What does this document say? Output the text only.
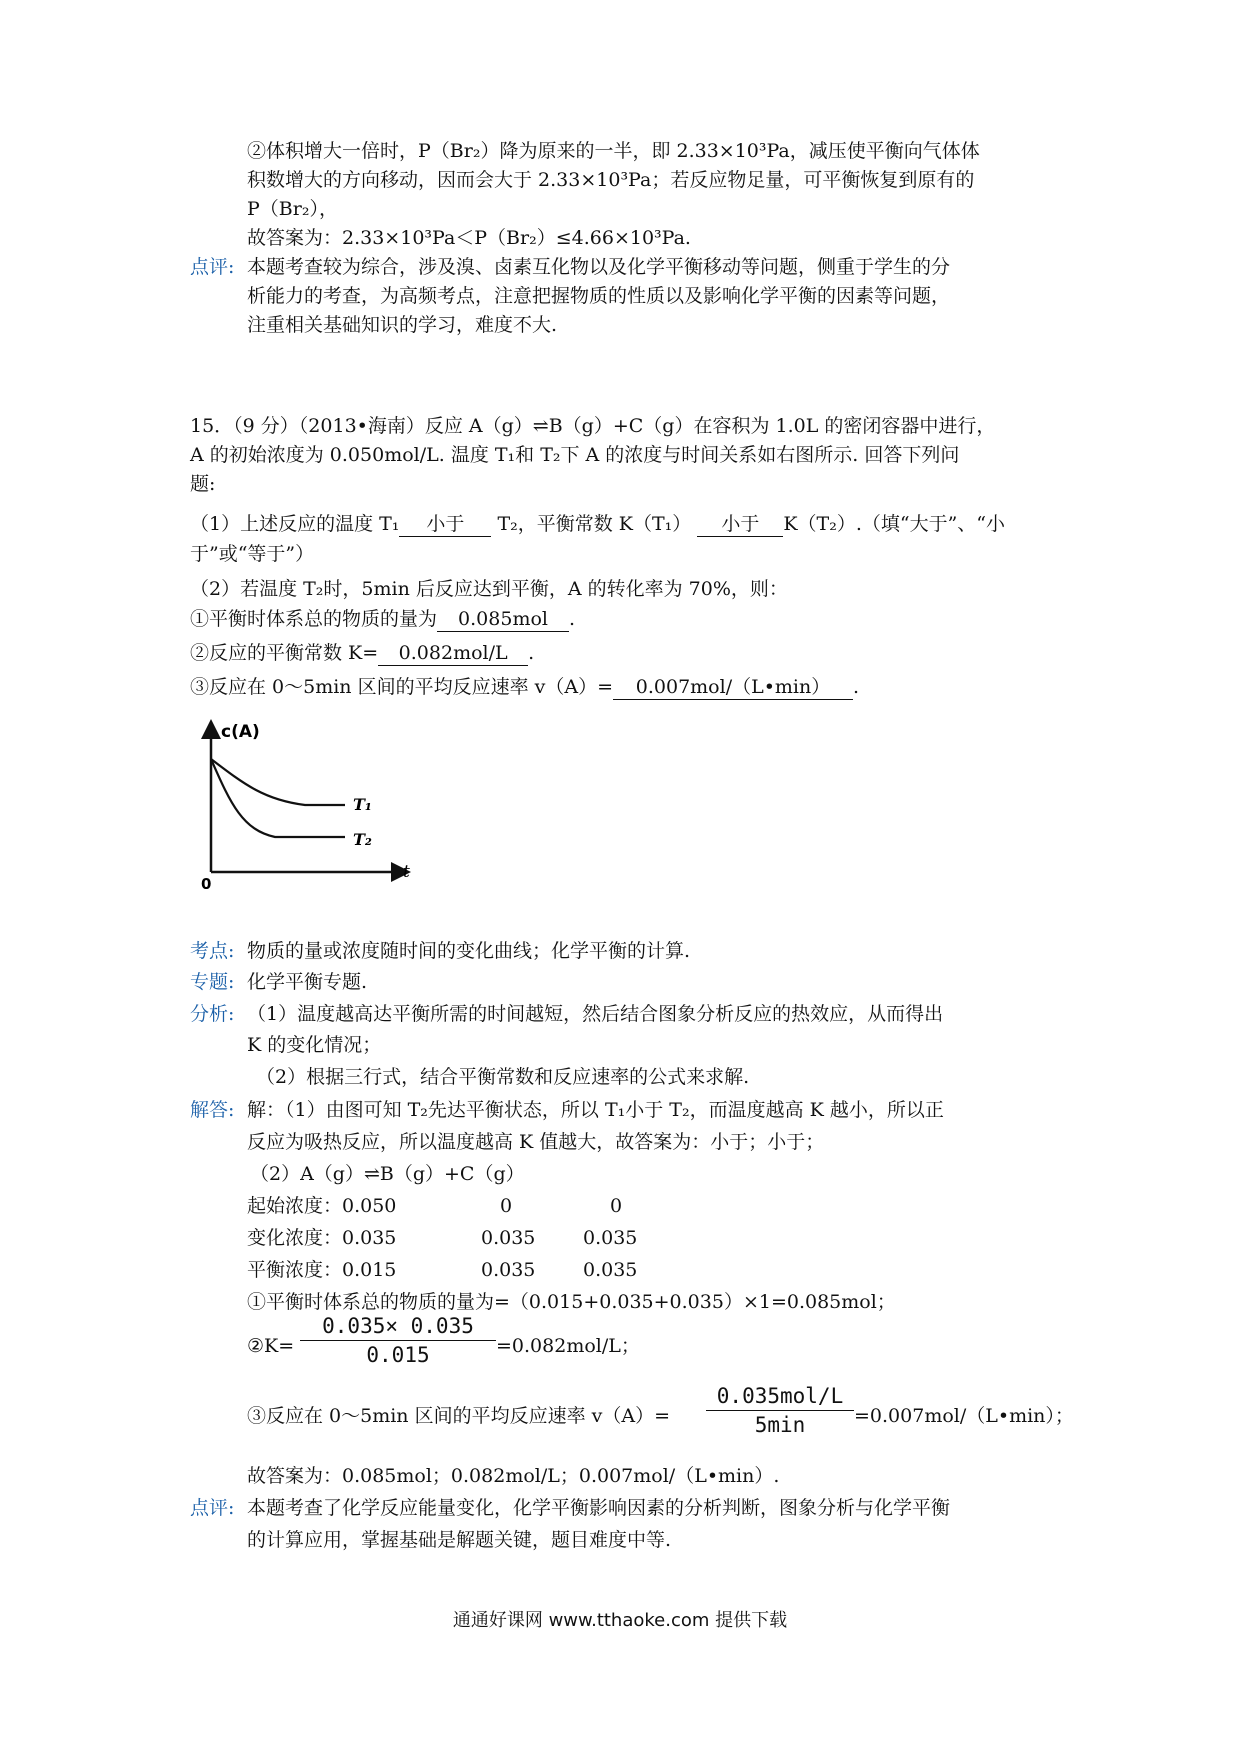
②体积增大一倍时，P（Br₂）降为原来的一半，即 2.33×10³Pa，减压使平衡向气体体
积数增大的方向移动，因而会大于 2.33×10³Pa；若反应物足量，可平衡恢复到原有的
P（Br₂），
故答案为：2.33×10³Pa＜P（Br₂）≤4.66×10³Pa.
点评: 本题考查较为综合，涉及溴、卤素互化物以及化学平衡移动等问题，侧重于学生的分
析能力的考查，为高频考点，注意把握物质的性质以及影响化学平衡的因素等问题，
注重相关基础知识的学习，难度不大.
15．（9 分）（2013•海南）反应 A（g）⇌B（g）+C（g）在容积为 1.0L 的密闭容器中进行，
A 的初始浓度为 0.050mol/L. 温度 T₁和 T₂下 A 的浓度与时间关系如右图所示. 回答下列问
题:
（1）上述反应的温度 T₁ 小于 T₂，平衡常数 K（T₁） 小于 K（T₂）.（填“大于”、“小
于”或“等于”）
（2）若温度 T₂时，5min 后反应达到平衡，A 的转化率为 70%，则：
①平衡时体系总的物质的量为 0.085mol .
②反应的平衡常数 K= 0.082mol/L .
③反应在 0～5min 区间的平均反应速率 v（A）= 0.007mol/（L•min） .
c(A)
t
0
T₁
T₂
考点: 物质的量或浓度随时间的变化曲线；化学平衡的计算.
专题: 化学平衡专题.
分析: （1）温度越高达平衡所需的时间越短，然后结合图象分析反应的热效应，从而得出
K 的变化情况；
（2）根据三行式，结合平衡常数和反应速率的公式来求解.
解答: 解：（1）由图可知 T₂先达平衡状态，所以 T₁小于 T₂，而温度越高 K 越小，所以正
反应为吸热反应，所以温度越高 K 值越大，故答案为：小于；小于；
（2）A（g）⇌B（g）+C（g）
起始浓度：0.050	0	0
变化浓度：0.035	0.035	0.035
平衡浓度：0.015	0.035	0.035
①平衡时体系总的物质的量为=（0.015+0.035+0.035）×1=0.085mol；
②K=
0.035× 0.035
0.015	=0.082mol/L；
③反应在 0～5min 区间的平均反应速率 v（A）=
0.035mol/L
5min	=0.007mol/（L•min）；
故答案为：0.085mol；0.082mol/L；0.007mol/（L•min）.
点评: 本题考查了化学反应能量变化，化学平衡影响因素的分析判断，图象分析与化学平衡
的计算应用，掌握基础是解题关键，题目难度中等.
通通好课网 www.tthaoke.com 提供下载
